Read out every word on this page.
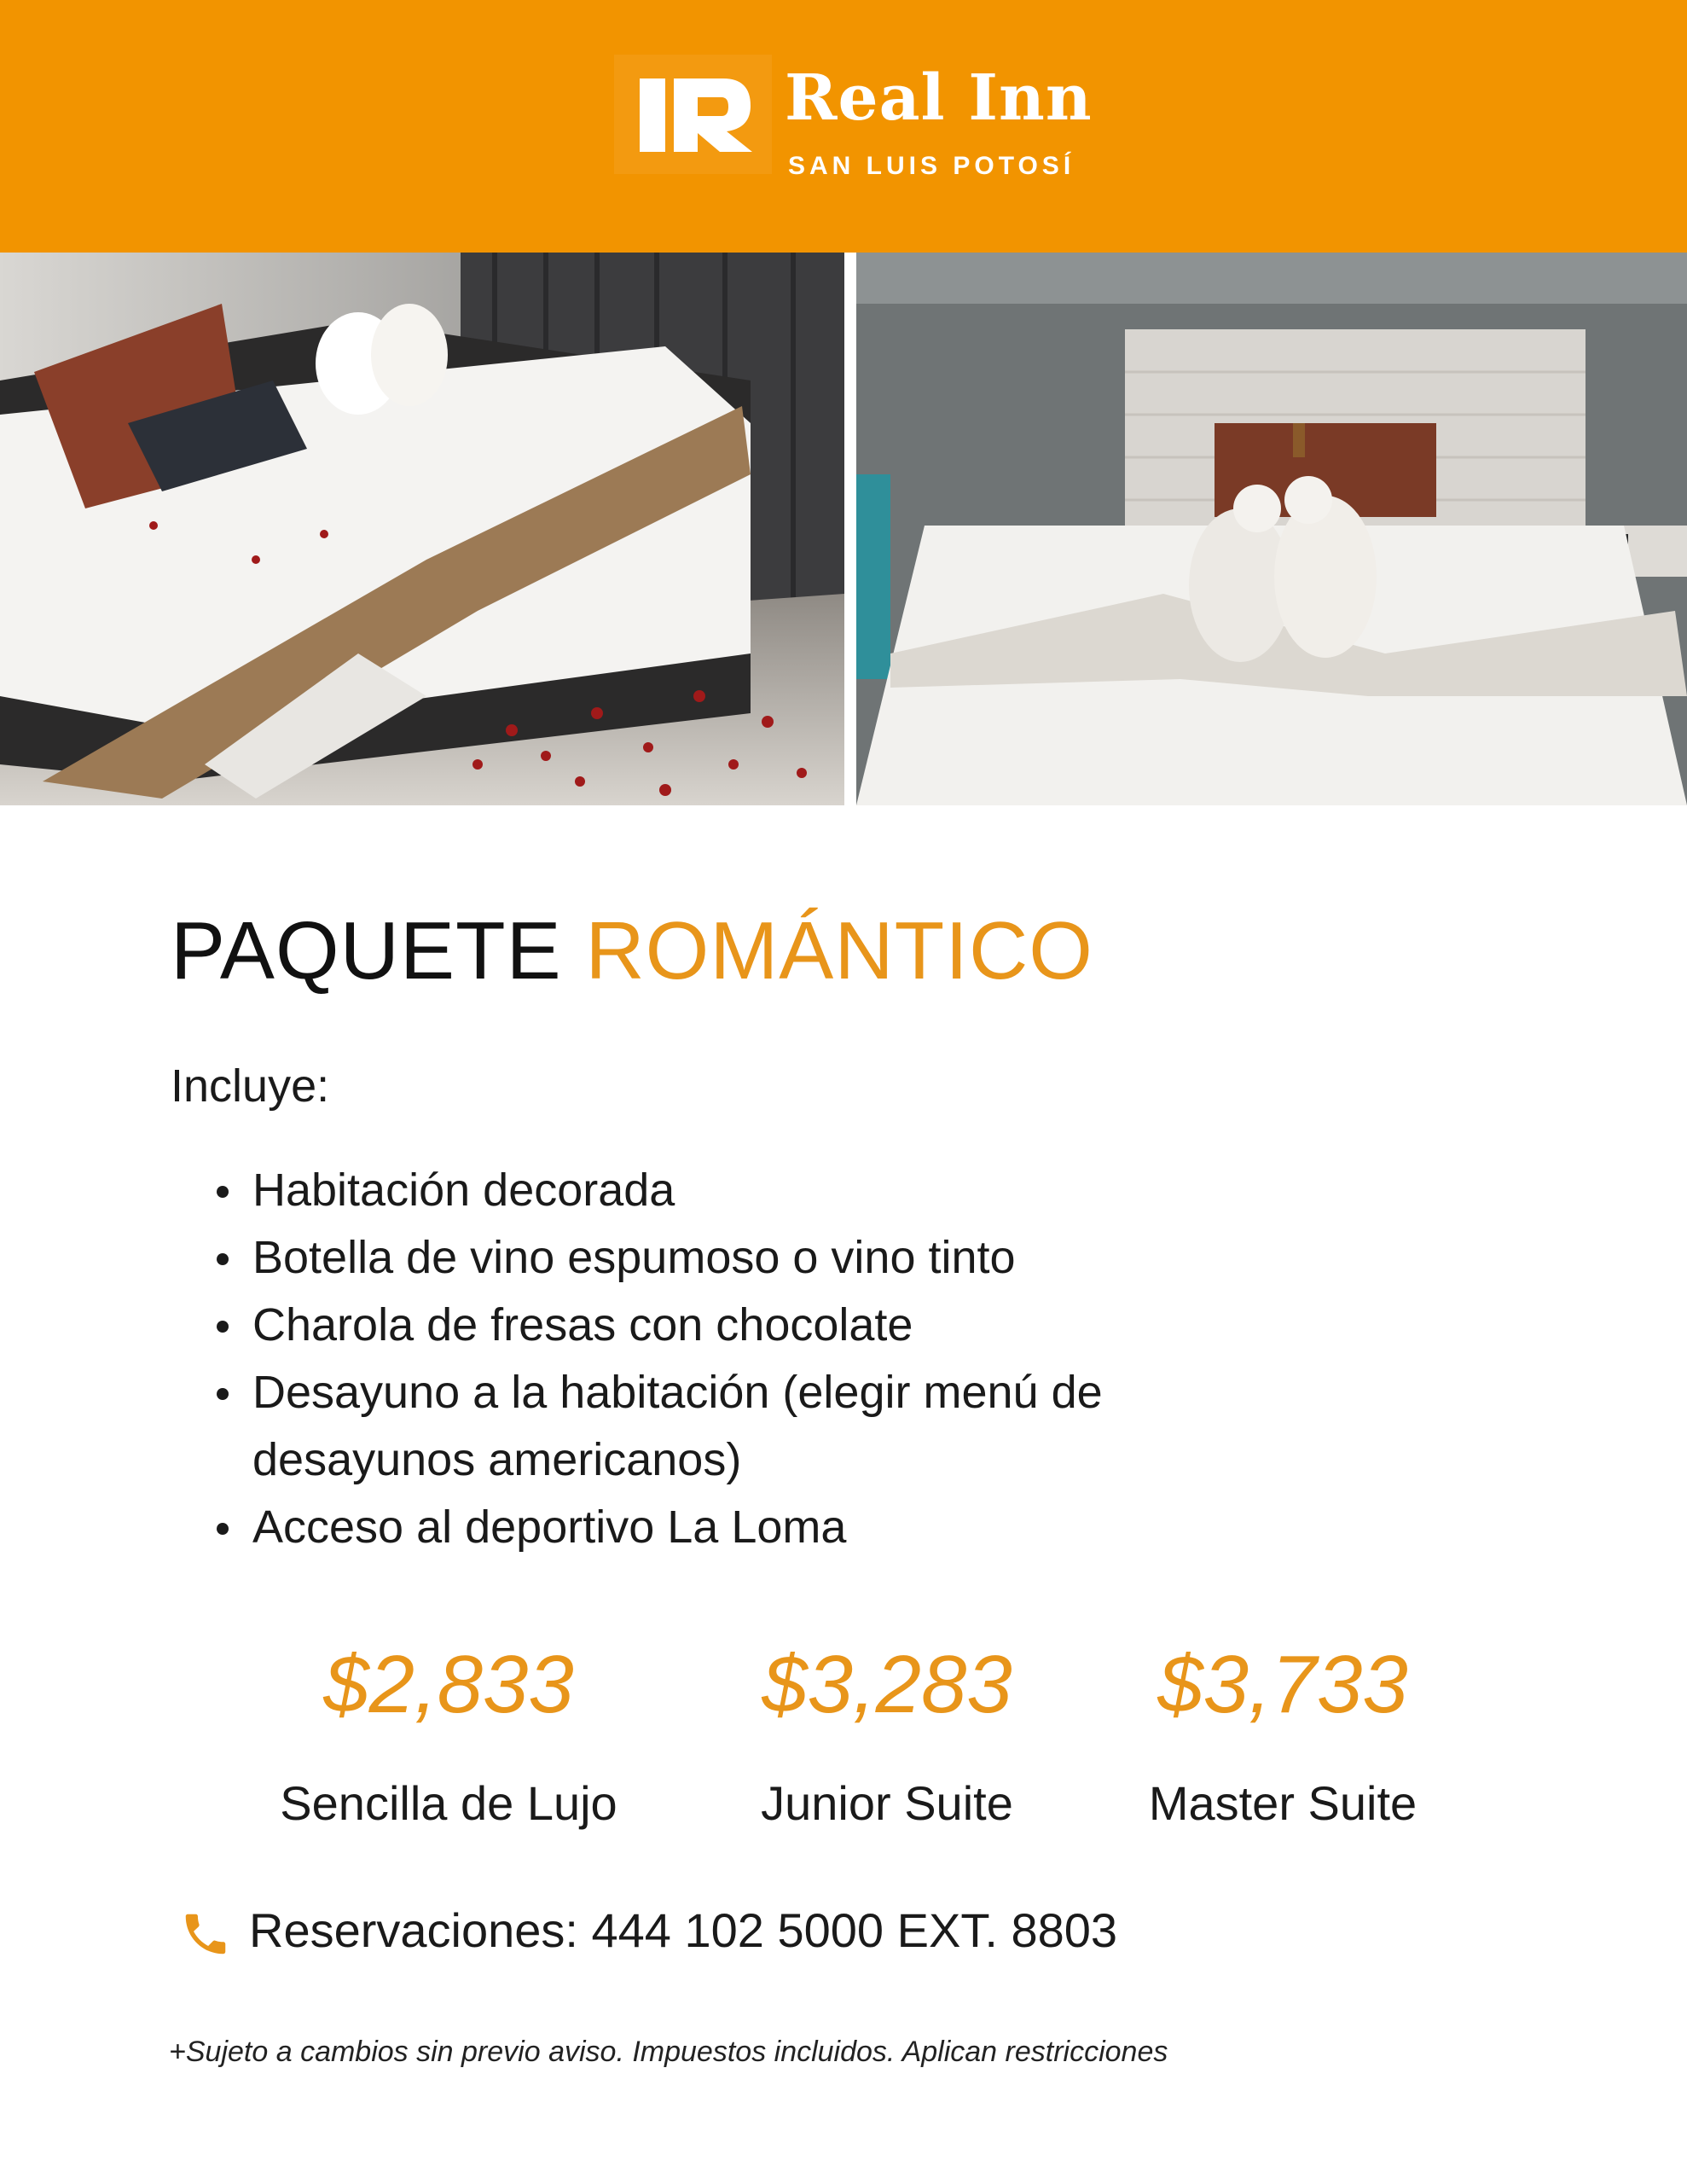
Real Inn
SAN LUIS POTOSÍ
PAQUETE ROMÁNTICO
Incluye:
Habitación decorada
Botella de vino espumoso o vino tinto
Charola de fresas con chocolate
Desayuno a la habitación (elegir menú de desayunos americanos)
Acceso al deportivo La Loma
$2,833
Sencilla de Lujo
$3,283
Junior Suite
$3,733
Master Suite
Reservaciones: 444 102 5000 EXT. 8803
+Sujeto a cambios sin previo aviso. Impuestos incluidos. Aplican restricciones
